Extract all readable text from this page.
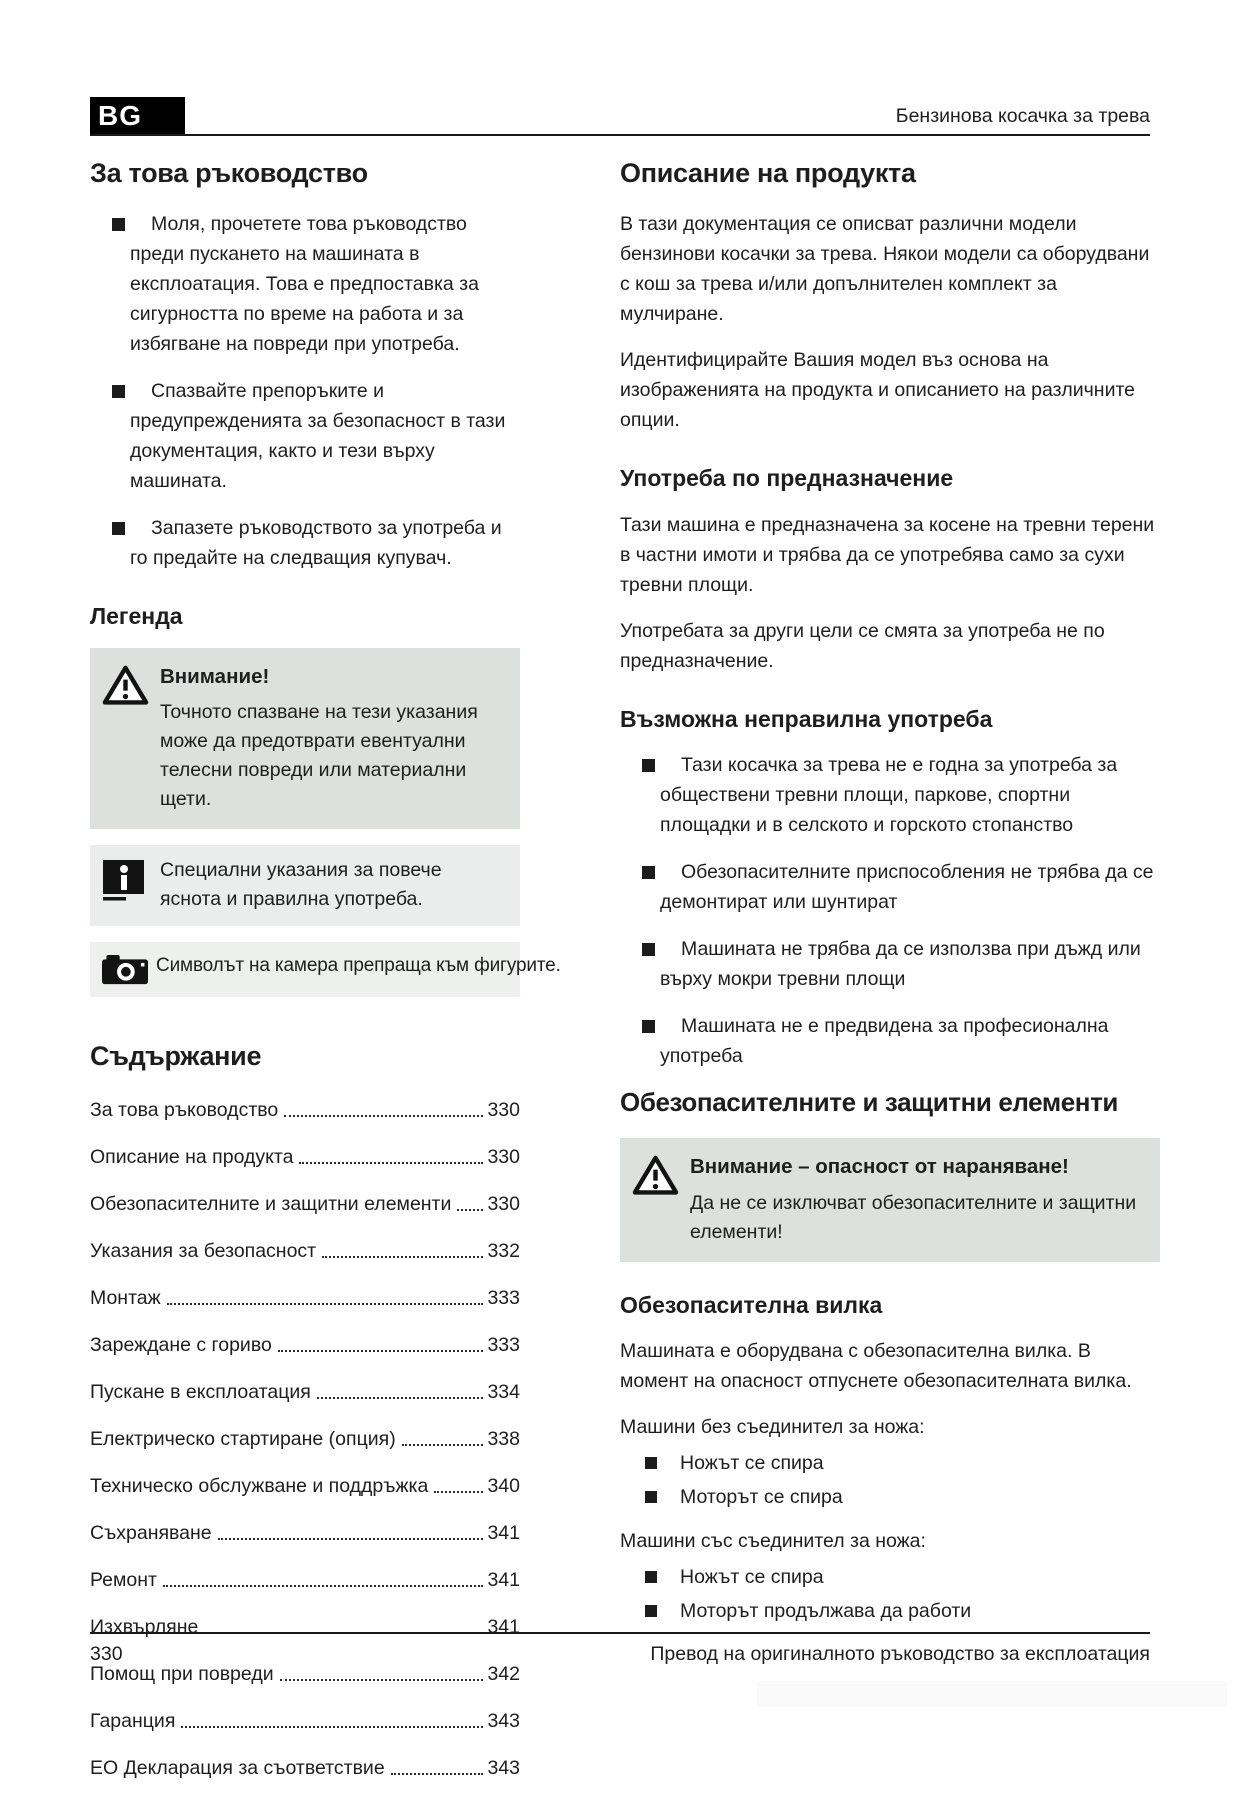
BG	Бензинова косачка за трева
За това ръководство
Моля, прочетете това ръководство преди пускането на машината в експлоатация. Това е предпоставка за сигурността по време на работа и за избягване на повреди при употреба.
Спазвайте препоръките и предупрежденията за безопасност в тази документация, както и тези върху машината.
Запазете ръководството за употреба и го предайте на следващия купувач.
Легенда
Внимание!

Точното спазване на тези указания може да предотврати евентуални телесни повреди или материални щети.

Специални указания за повече яснота и правилна употреба.

Символът на камера препраща към фигурите.

Съдържание
За това ръководство	330
Описание на продукта	330
Обезопасителните и защитни елементи 330
Указания за безопасност	332
Монтаж	333
Зареждане с гориво	333
Пускане в експлоатация	334
Електрическо стартиране (опция)	338
Техническо обслужване и поддръжка	340
Съхраняване	341
Ремонт	341
Изхвърляне	341
Помощ при повреди	342
Гаранция	343
ЕО Декларация за съответствие	343
Описание на продукта

В тази документация се описват различни модели бензинови косачки за трева. Някои модели са оборудвани с кош за трева и/или допълнителен комплект за мулчиране.

Идентифицирайте Вашия модел въз основа на изображенията на продукта и описанието на различните опции.

Употреба по предназначение

Тази машина е предназначена за косене на тревни терени в частни имоти и трябва да се употребява само за сухи тревни площи.

Употребата за други цели се смята за употреба не по предназначение.

Възможна неправилна употреба
Тази косачка за трева не е годна за употреба за обществени тревни площи, паркове, спортни площадки и в селското и горското стопанство
Обезопасителните приспособления не трябва да се демонтират или шунтират
Машината не трябва да се използва при дъжд или върху мокри тревни площи
Машината не е предвидена за професионална употреба
Обезопасителните и защитни елементи
Внимание – опасност от нараняване!

Да не се изключват обезопасителните и защитни елементи!

Обезопасителна вилка

Машината е оборудвана с обезопасителна вилка. В момент на опасност отпуснете обезопасителната вилка.

Машини без съединител за ножа:

Ножът се спира
Моторът се спира

Машини със съединител за ножа:

Ножът се спира
Моторът продължава да работи
330	Превод на оригиналното ръководство за експлоатация
